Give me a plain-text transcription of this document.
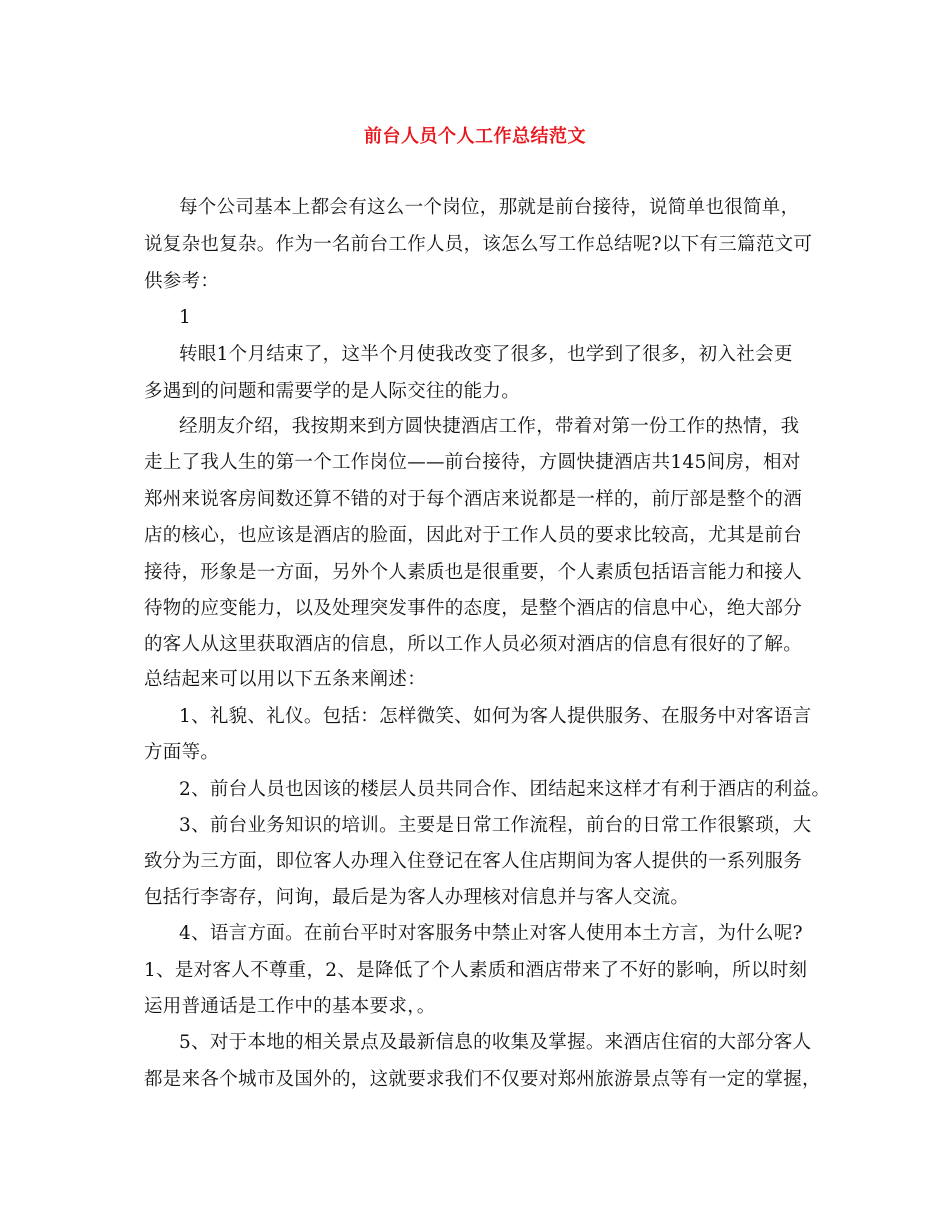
前台人员个人工作总结范文
每个公司基本上都会有这么一个岗位，那就是前台接待，说简单也很简单，
说复杂也复杂。作为一名前台工作人员，该怎么写工作总结呢?以下有三篇范文可
供参考：
1
转眼1个月结束了，这半个月使我改变了很多，也学到了很多，初入社会更
多遇到的问题和需要学的是人际交往的能力。
经朋友介绍，我按期来到方圆快捷酒店工作，带着对第一份工作的热情，我
走上了我人生的第一个工作岗位——前台接待，方圆快捷酒店共145间房，相对
郑州来说客房间数还算不错的对于每个酒店来说都是一样的，前厅部是整个的酒
店的核心，也应该是酒店的脸面，因此对于工作人员的要求比较高，尤其是前台
接待，形象是一方面，另外个人素质也是很重要，个人素质包括语言能力和接人
待物的应变能力，以及处理突发事件的态度，是整个酒店的信息中心，绝大部分
的客人从这里获取酒店的信息，所以工作人员必须对酒店的信息有很好的了解。
总结起来可以用以下五条来阐述：
1、礼貌、礼仪。包括：怎样微笑、如何为客人提供服务、在服务中对客语言
方面等。
2、前台人员也因该的楼层人员共同合作、团结起来这样才有利于酒店的利益。
3、前台业务知识的培训。主要是日常工作流程，前台的日常工作很繁琐，大
致分为三方面，即位客人办理入住登记在客人住店期间为客人提供的一系列服务
包括行李寄存，问询，最后是为客人办理核对信息并与客人交流。
4、语言方面。在前台平时对客服务中禁止对客人使用本土方言，为什么呢?
1、是对客人不尊重，2、是降低了个人素质和酒店带来了不好的影响，所以时刻
运用普通话是工作中的基本要求，。
5、对于本地的相关景点及最新信息的收集及掌握。来酒店住宿的大部分客人
都是来各个城市及国外的，这就要求我们不仅要对郑州旅游景点等有一定的掌握，
